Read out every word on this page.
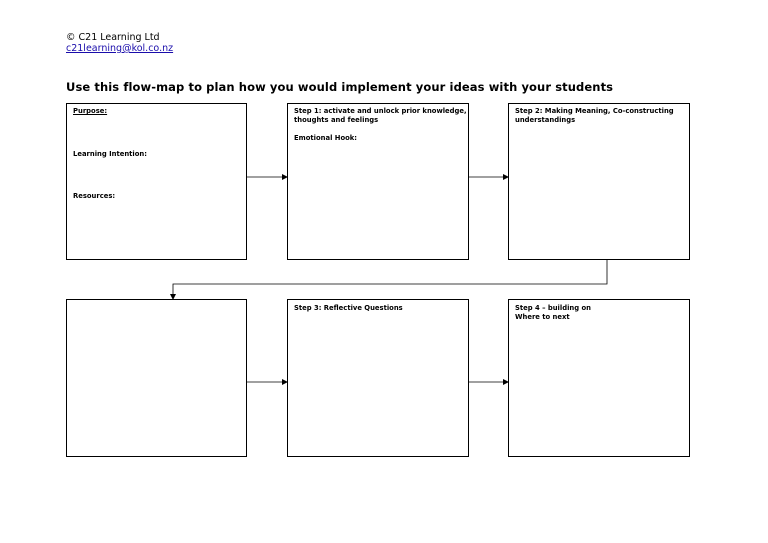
© C21 Learning Ltd
c21learning@kol.co.nz
Use this flow-map to plan how you would implement your ideas with your students
Purpose:
Learning Intention:
Resources:
Step 1: activate and unlock prior knowledge,
thoughts and feelings
Emotional Hook:
Step 2: Making Meaning, Co-constructing
understandings
Step 3: Reflective Questions	Step 4 – building on
Where to next
